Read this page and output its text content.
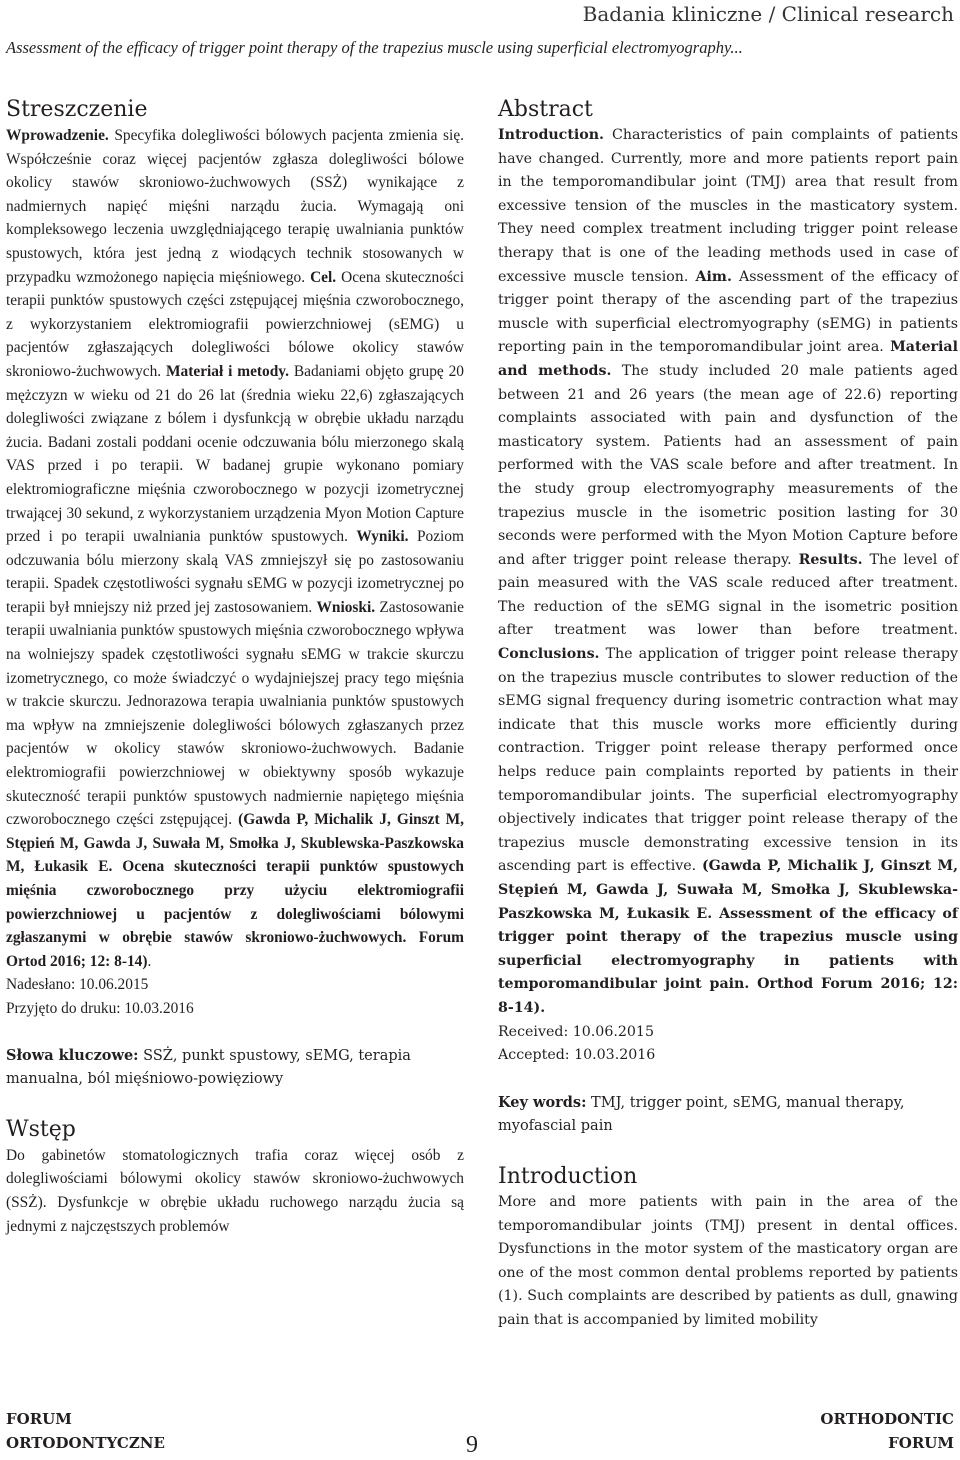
Badania kliniczne / Clinical research
Assessment of the efficacy of trigger point therapy of the trapezius muscle using superficial electromyography...
Streszczenie

Wprowadzenie. Specyfika dolegliwości bólowych pacjenta zmienia się. Współcześnie coraz więcej pacjentów zgłasza dolegliwości bólowe okolicy stawów skroniowo-żuchwowych (SSŻ) wynikające z nadmiernych napięć mięśni narządu żucia. Wymagają oni kompleksowego leczenia uwzględniającego terapię uwalniania punktów spustowych, która jest jedną z wiodących technik stosowanych w przypadku wzmożonego napięcia mięśniowego. Cel. Ocena skuteczności terapii punktów spustowych części zstępującej mięśnia czworobocznego, z wykorzystaniem elektromiografii powierzchniowej (sEMG) u pacjentów zgłaszających dolegliwości bólowe okolicy stawów skroniowo-żuchwowych. Materiał i metody. Badaniami objęto grupę 20 mężczyzn w wieku od 21 do 26 lat (średnia wieku 22,6) zgłaszających dolegliwości związane z bólem i dysfunkcją w obrębie układu narządu żucia. Badani zostali poddani ocenie odczuwania bólu mierzonego skalą VAS przed i po terapii. W badanej grupie wykonano pomiary elektromiograficzne mięśnia czworobocznego w pozycji izometrycznej trwającej 30 sekund, z wykorzystaniem urządzenia Myon Motion Capture przed i po terapii uwalniania punktów spustowych. Wyniki. Poziom odczuwania bólu mierzony skalą VAS zmniejszył się po zastosowaniu terapii. Spadek częstotliwości sygnału sEMG w pozycji izometrycznej po terapii był mniejszy niż przed jej zastosowaniem. Wnioski. Zastosowanie terapii uwalniania punktów spustowych mięśnia czworobocznego wpływa na wolniejszy spadek częstotliwości sygnału sEMG w trakcie skurczu izometrycznego, co może świadczyć o wydajniejszej pracy tego mięśnia w trakcie skurczu. Jednorazowa terapia uwalniania punktów spustowych ma wpływ na zmniejszenie dolegliwości bólowych zgłaszanych przez pacjentów w okolicy stawów skroniowo-żuchwowych. Badanie elektromiografii powierzchniowej w obiektywny sposób wykazuje skuteczność terapii punktów spustowych nadmiernie napiętego mięśnia czworobocznego części zstępującej. (Gawda P, Michalik J, Ginszt M, Stępień M, Gawda J, Suwała M, Smołka J, Skublewska-Paszkowska M, Łukasik E. Ocena skuteczności terapii punktów spustowych mięśnia czworobocznego przy użyciu elektromiografii powierzchniowej u pacjentów z dolegliwościami bólowymi zgłaszanymi w obrębie stawów skroniowo-żuchwowych. Forum Ortod 2016; 12: 8-14).

Nadesłano: 10.06.2015

Przyjęto do druku: 10.03.2016

Słowa kluczowe: SSŻ, punkt spustowy, sEMG, terapia manualna, ból mięśniowo-powięziowy

Wstęp

Do gabinetów stomatologicznych trafia coraz więcej osób z dolegliwościami bólowymi okolicy stawów skroniowo-żuchwowych (SSŻ). Dysfunkcje w obrębie układu ruchowego narządu żucia są jednymi z najczęstszych problemów

Abstract

Introduction. Characteristics of pain complaints of patients have changed. Currently, more and more patients report pain in the temporomandibular joint (TMJ) area that result from excessive tension of the muscles in the masticatory system. They need complex treatment including trigger point release therapy that is one of the leading methods used in case of excessive muscle tension. Aim. Assessment of the efficacy of trigger point therapy of the ascending part of the trapezius muscle with superficial electromyography (sEMG) in patients reporting pain in the temporomandibular joint area. Material and methods. The study included 20 male patients aged between 21 and 26 years (the mean age of 22.6) reporting complaints associated with pain and dysfunction of the masticatory system. Patients had an assessment of pain performed with the VAS scale before and after treatment. In the study group electromyography measurements of the trapezius muscle in the isometric position lasting for 30 seconds were performed with the Myon Motion Capture before and after trigger point release therapy. Results. The level of pain measured with the VAS scale reduced after treatment. The reduction of the sEMG signal in the isometric position after treatment was lower than before treatment. Conclusions. The application of trigger point release therapy on the trapezius muscle contributes to slower reduction of the sEMG signal frequency during isometric contraction what may indicate that this muscle works more efficiently during contraction. Trigger point release therapy performed once helps reduce pain complaints reported by patients in their temporomandibular joints. The superficial electromyography objectively indicates that trigger point release therapy of the trapezius muscle demonstrating excessive tension in its ascending part is effective. (Gawda P, Michalik J, Ginszt M, Stępień M, Gawda J, Suwała M, Smołka J, Skublewska-Paszkowska M, Łukasik E. Assessment of the efficacy of trigger point therapy of the trapezius muscle using superficial electromyography in patients with temporomandibular joint pain. Orthod Forum 2016; 12: 8-14).

Received: 10.06.2015

Accepted: 10.03.2016

Key words: TMJ, trigger point, sEMG, manual therapy, myofascial pain

Introduction

More and more patients with pain in the area of the temporomandibular joints (TMJ) present in dental offices. Dysfunctions in the motor system of the masticatory organ are one of the most common dental problems reported by patients (1). Such complaints are described by patients as dull, gnawing pain that is accompanied by limited mobility

FORUM
ORTODONTYCZNE	9
ORTHODONTIC
FORUM
